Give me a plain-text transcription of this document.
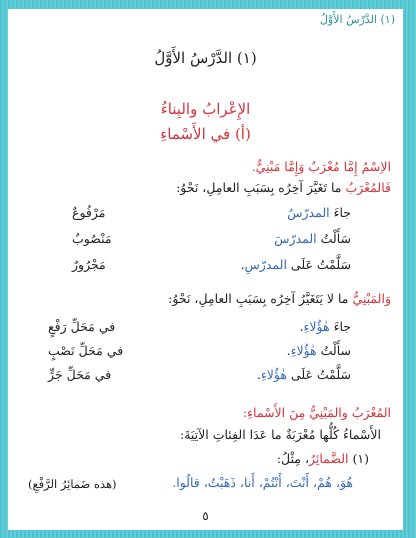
(١) الدَّرْسُ الأَوَّلُ
(١) الدَّرْسُ الأَوَّلُ
الإِعْرابُ والبِناءُ
(أ) في الأَسْماءِ
الاِسْمُ إِمَّا مُعْرَبٌ وَإِمَّا مَبْنِيٌّ.
فَالمُعْرَبُ ما تَغَيَّرَ آخِرُه بِسَبَبِ العامِلِ، نَحْوُ:
جاءَ المدرّسُ
مَرْفُوعٌ
سَأَلْتُ المدرّسَ
مَنْصُوبٌ
سَلَّمْتُ عَلَى المدرّسِ.
مَجْرُورٌ
وَالمَبْنِيُّ ما لا يَتَغَيَّرُ آخِرُه بِسَبَبِ العامِلِ، نَحْوُ:
جاءَ هٰؤُلاءِ.
في مَحَلِّ رَفْعٍ
سأَلْتُ هٰؤُلاءِ.
في مَحَلِّ نَصْبٍ
سَلَّمْتُ عَلَى هٰؤُلاءِ.
في مَحَلِّ جَرٍّ
المُعْرَبُ والمَبْنِيُّ مِنَ الأَسْماءِ:
الأَسْماءُ كُلُّها مُعْرَبَةٌ ما عَدَا الفِئاتِ الآتِيَةَ:
(١) الضَّمائِرُ، مِثْلُ:
هُوَ، هُمْ، أَنْتَ، أَنْتُمْ، أَنا، ذَهَبْتُ، قالُوا.
(هذه ضَمائِرُ الرَّفْعِ)
٥
